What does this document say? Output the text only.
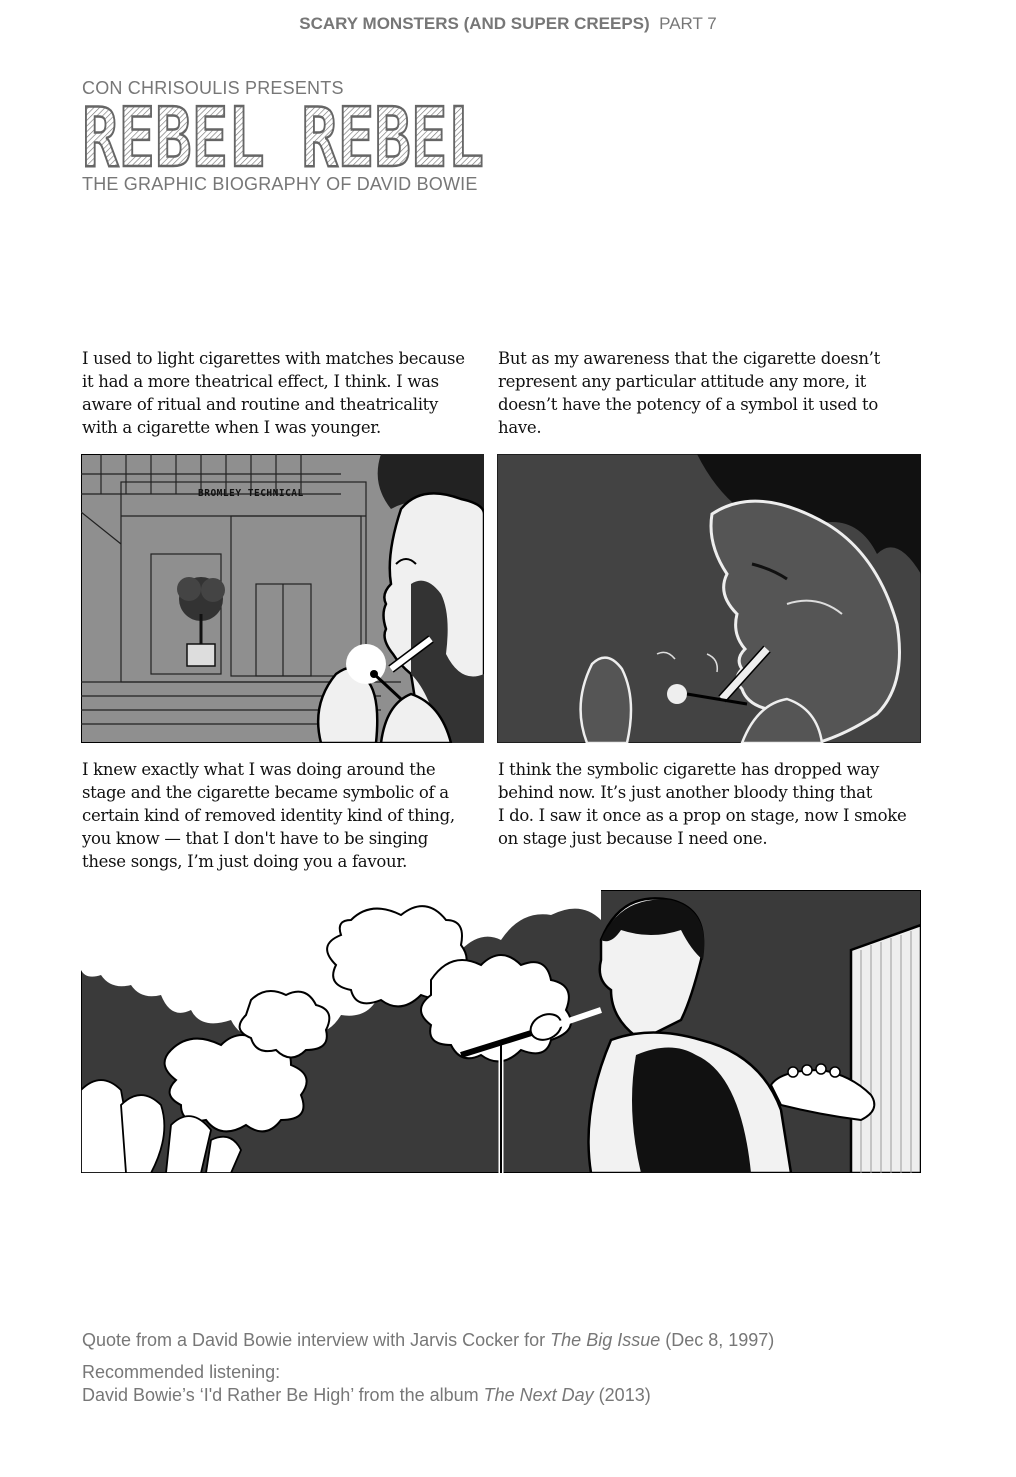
SCARY MONSTERS (AND SUPER CREEPS) PART 7
CON CHRISOULIS PRESENTS
REBEL REBEL
THE GRAPHIC BIOGRAPHY OF DAVID BOWIE
I used to light cigarettes with matches because
it had a more theatrical effect, I think. I was
aware of ritual and routine and theatricality
with a cigarette when I was younger.
But as my awareness that the cigarette doesn’t
represent any particular attitude any more, it
doesn’t have the potency of a symbol it used to
have.
BROMLEY TECHNICAL
I knew exactly what I was doing around the
stage and the cigarette became symbolic of a
certain kind of removed identity kind of thing,
you know — that I don't have to be singing
these songs, I’m just doing you a favour.
I think the symbolic cigarette has dropped way
behind now. It’s just another bloody thing that
I do. I saw it once as a prop on stage, now I smoke
on stage just because I need one.
Quote from a David Bowie interview with Jarvis Cocker for The Big Issue (Dec 8, 1997)
Recommended listening:
David Bowie’s ‘I'd Rather Be High’ from the album The Next Day (2013)
